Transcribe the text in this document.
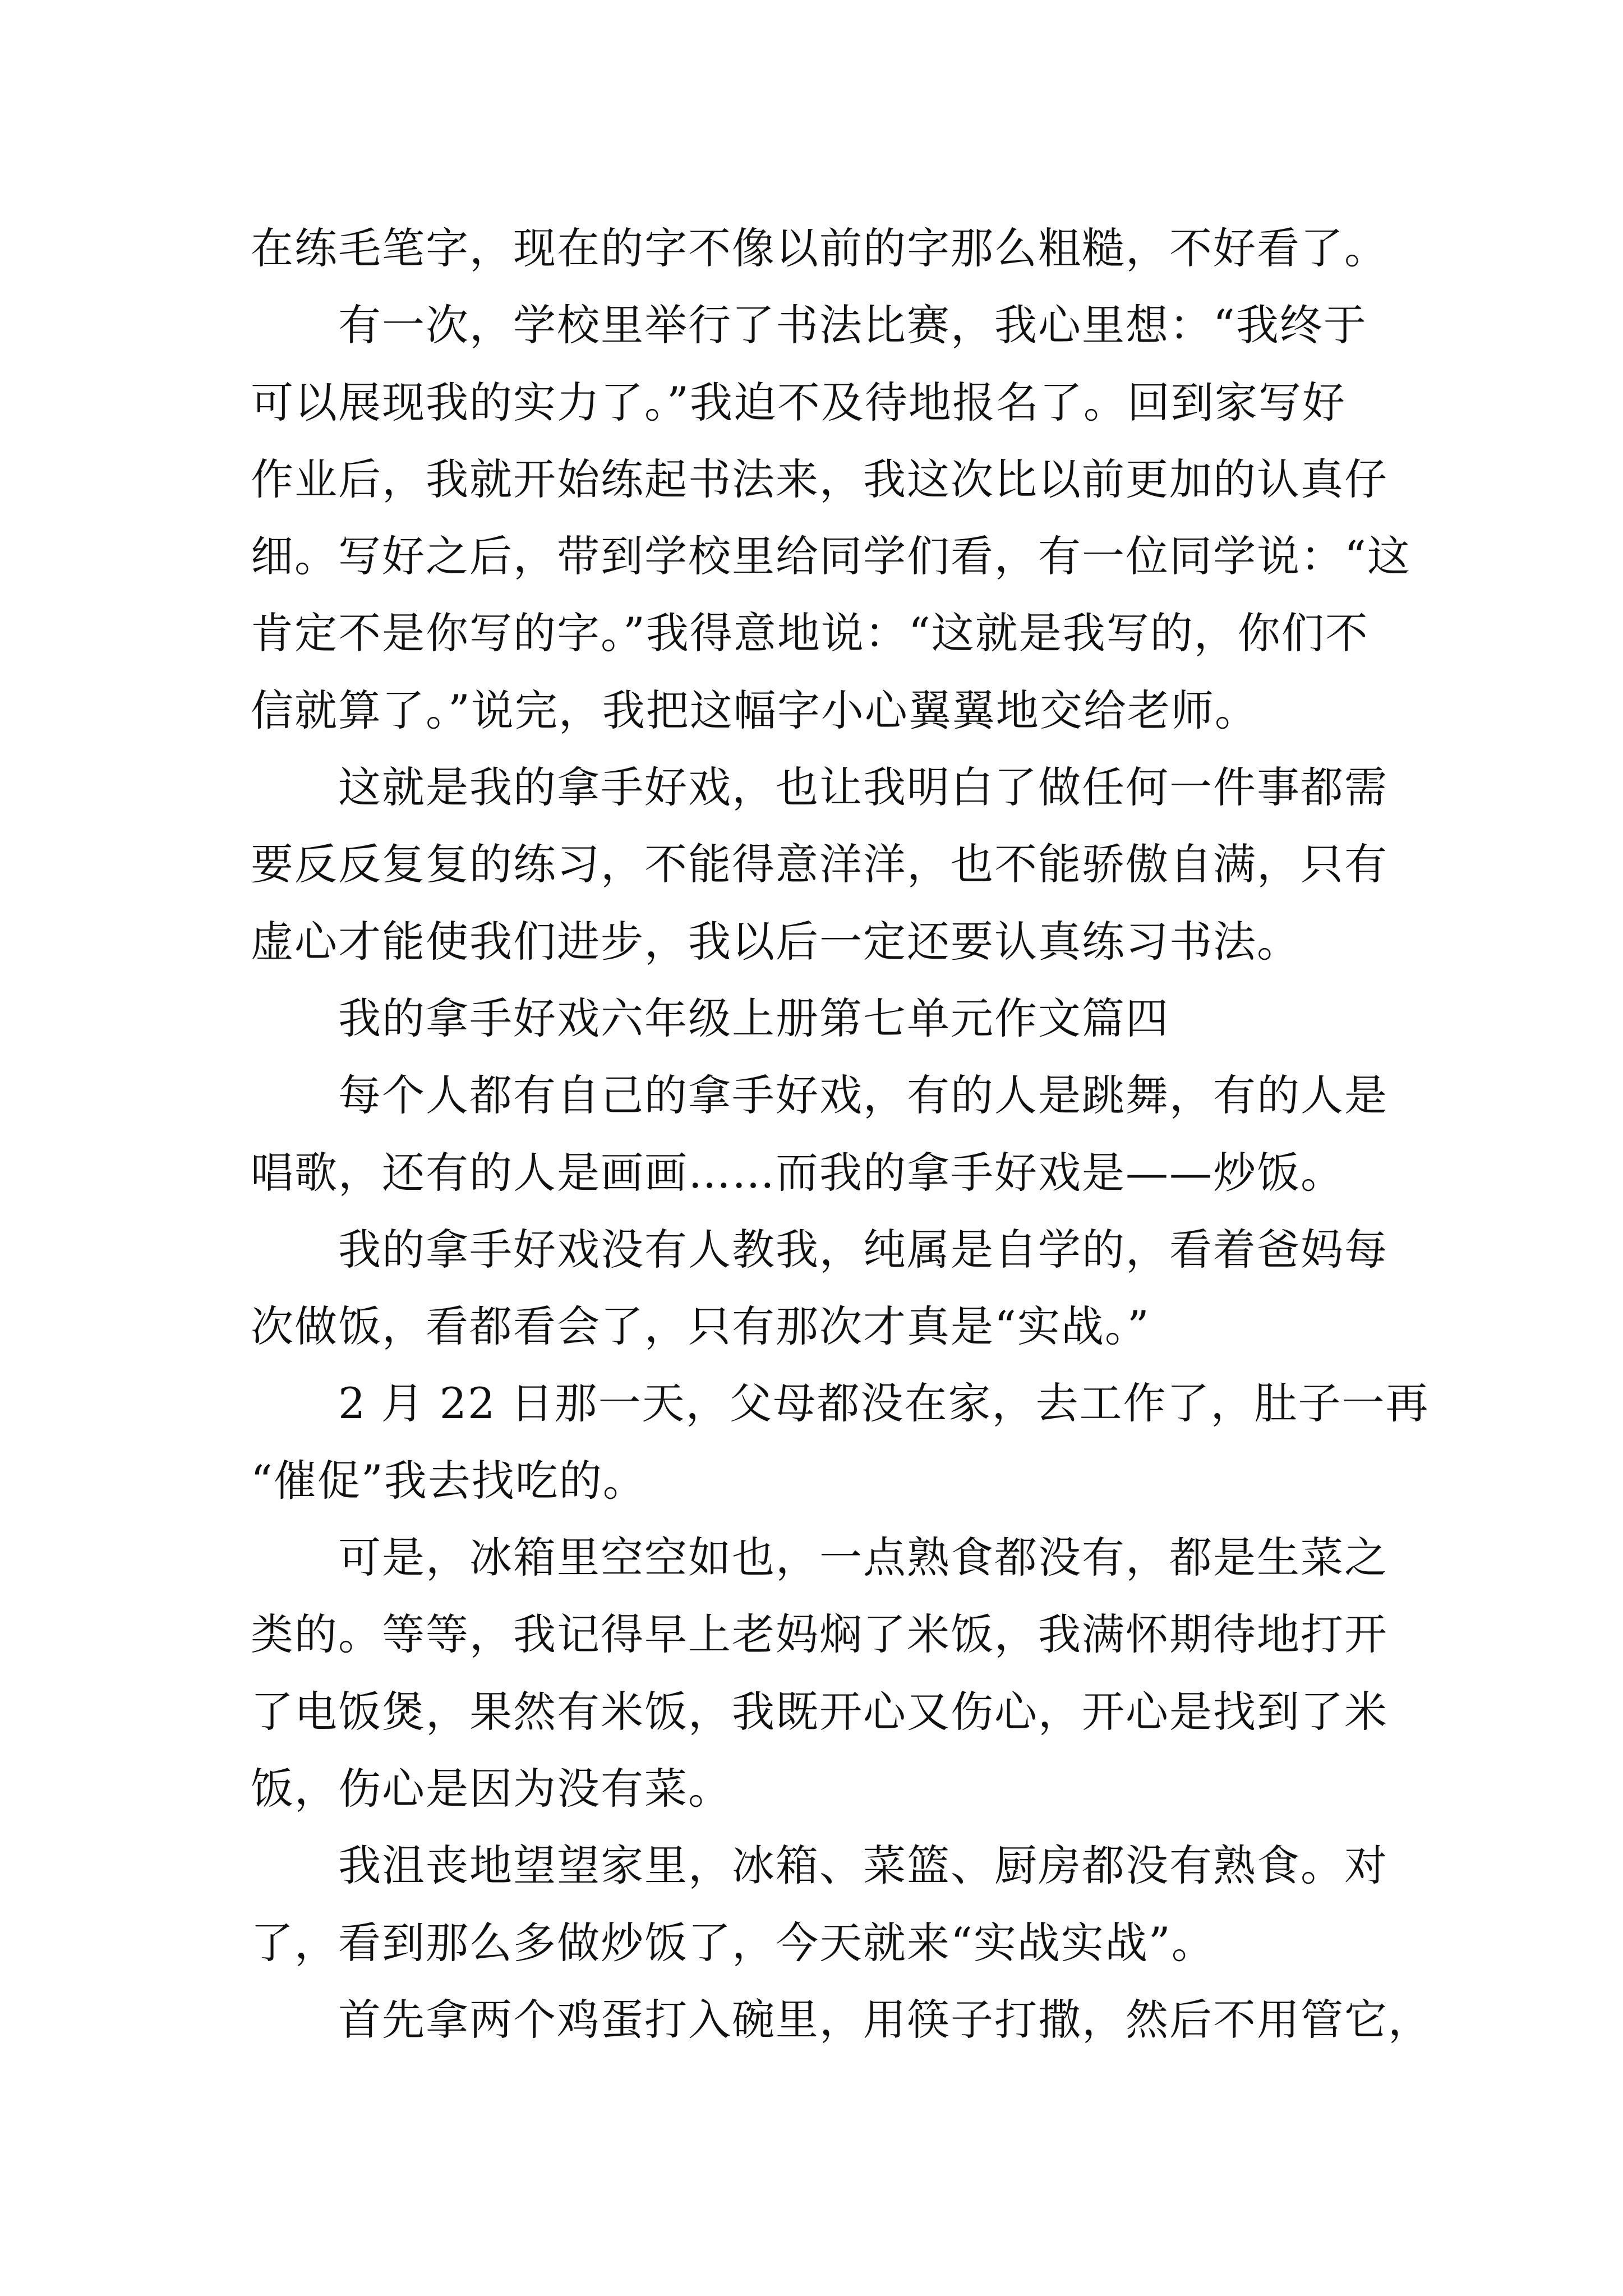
在练毛笔字，现在的字不像以前的字那么粗糙，不好看了。
有一次，学校里举行了书法比赛，我心里想：“我终于
可以展现我的实力了。”我迫不及待地报名了。回到家写好
作业后，我就开始练起书法来，我这次比以前更加的认真仔
细。写好之后，带到学校里给同学们看，有一位同学说：“这
肯定不是你写的字。”我得意地说：“这就是我写的，你们不
信就算了。”说完，我把这幅字小心翼翼地交给老师。
这就是我的拿手好戏，也让我明白了做任何一件事都需
要反反复复的练习，不能得意洋洋，也不能骄傲自满，只有
虚心才能使我们进步，我以后一定还要认真练习书法。
我的拿手好戏六年级上册第七单元作文篇四
每个人都有自己的拿手好戏，有的人是跳舞，有的人是
唱歌，还有的人是画画……而我的拿手好戏是——炒饭。
我的拿手好戏没有人教我，纯属是自学的，看着爸妈每
次做饭，看都看会了，只有那次才真是“实战。”
2 月 22 日那一天，父母都没在家，去工作了，肚子一再
“催促”我去找吃的。
可是，冰箱里空空如也，一点熟食都没有，都是生菜之
类的。等等，我记得早上老妈焖了米饭，我满怀期待地打开
了电饭煲，果然有米饭，我既开心又伤心，开心是找到了米
饭，伤心是因为没有菜。
我沮丧地望望家里，冰箱、菜篮、厨房都没有熟食。对
了，看到那么多做炒饭了，今天就来“实战实战”。
首先拿两个鸡蛋打入碗里，用筷子打撒，然后不用管它，
